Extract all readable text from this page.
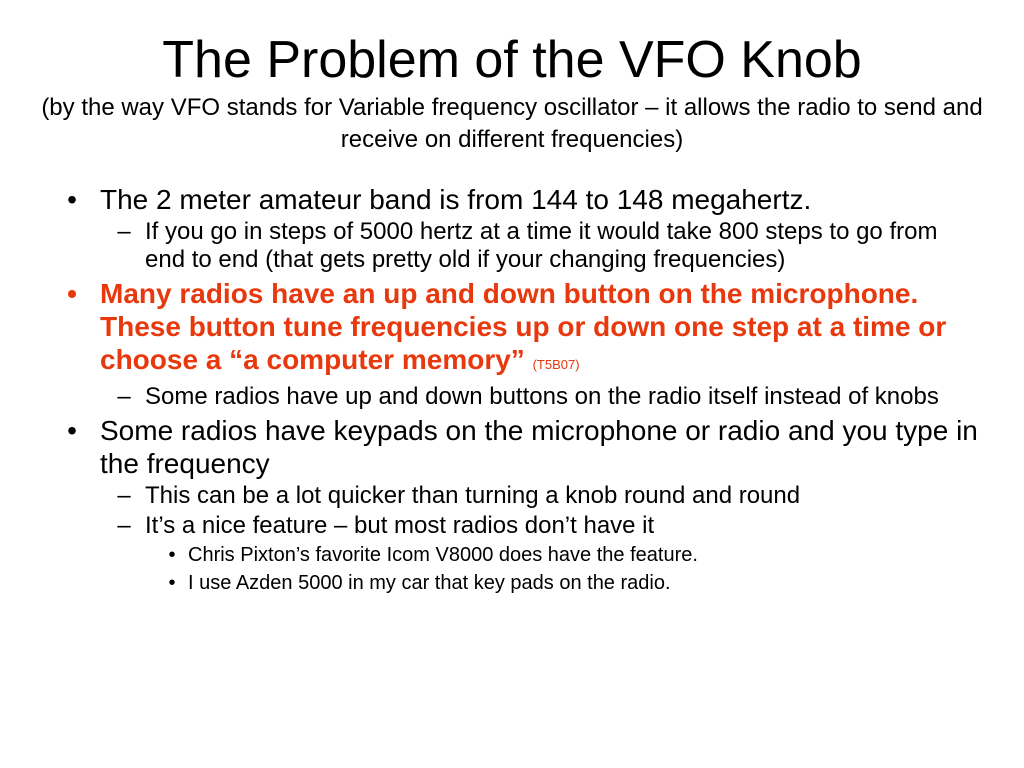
The Problem of the VFO Knob
(by the way VFO stands for Variable frequency oscillator – it allows the radio to send and receive on different frequencies)
• The 2 meter amateur band is from 144 to 148 megahertz.
– If you go in steps of 5000 hertz at a time it would take 800 steps to go from end to end (that gets pretty old if your changing frequencies)
• Many radios have an up and down button on the microphone. These button tune frequencies up or down one step at a time or choose a “a computer memory” (T5B07)
– Some radios have up and down buttons on the radio itself instead of knobs
• Some radios have keypads on the microphone or radio and you type in the frequency
– This can be a lot quicker than turning a knob round and round
– It’s a nice feature – but most radios don’t have it
• Chris Pixton’s favorite Icom V8000 does have the feature.
• I use Azden 5000 in my car that key pads on the radio.
